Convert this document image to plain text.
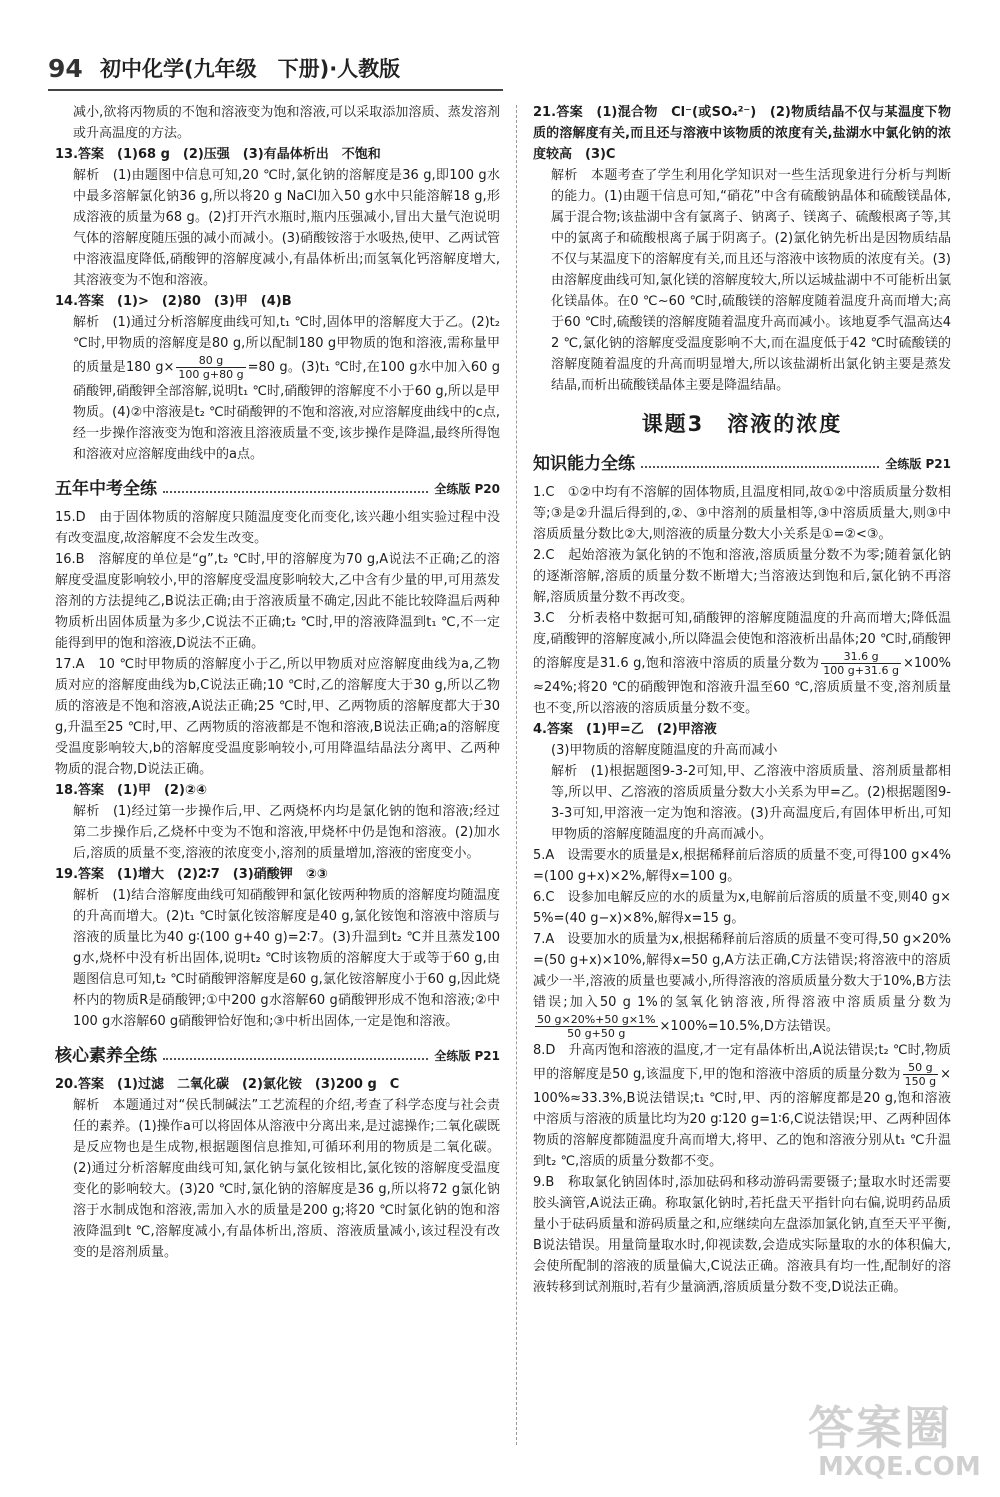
94 初中化学(九年级　下册)·人教版

减小,欲将丙物质的不饱和溶液变为饱和溶液,可以采取添加溶质、蒸发溶剂或升高温度的方法。

13.答案　(1)68 g　(2)压强　(3)有晶体析出　不饱和

解析　(1)由题图中信息可知,20 ℃时,氯化钠的溶解度是36 g,即100 g水中最多溶解氯化钠36 g,所以将20 g NaCl加入50 g水中只能溶解18 g,形成溶液的质量为68 g。(2)打开汽水瓶时,瓶内压强减小,冒出大量气泡说明气体的溶解度随压强的减小而减小。(3)硝酸铵溶于水吸热,使甲、乙两试管中溶液温度降低,硝酸钾的溶解度减小,有晶体析出;而氢氧化钙溶解度增大,其溶液变为不饱和溶液。

14.答案　(1)>　(2)80　(3)甲　(4)B

解析　(1)通过分析溶解度曲线可知,t₁ ℃时,固体甲的溶解度大于乙。(2)t₂ ℃时,甲物质的溶解度是80 g,所以配制180 g甲物质的饱和溶液,需称量甲的质量是180 $g\times \frac{80 g}{100 g+80 g} =80$ g。(3)t₁ ℃时,在100 g水中加入60 g硝酸钾,硝酸钾全部溶解,说明t₁ ℃时,硝酸钾的溶解度不小于60 g,所以是甲物质。(4)②中溶液是t₂ ℃时硝酸钾的不饱和溶液,对应溶解度曲线中的c点,经一步操作溶液变为饱和溶液且溶液质量不变,该步操作是降温,最终所得饱和溶液对应溶解度曲线中的a点。

五年中考全练	全练版 P20

15.D　由于固体物质的溶解度只随温度变化而变化,该兴趣小组实验过程中没有改变温度,故溶解度不会发生改变。

16.B　溶解度的单位是“g”,t₂ ℃时,甲的溶解度为70 g,A说法不正确;乙的溶解度受温度影响较小,甲的溶解度受温度影响较大,乙中含有少量的甲,可用蒸发溶剂的方法提纯乙,B说法正确;由于溶液质量不确定,因此不能比较降温后两种物质析出固体质量为多少,C说法不正确;t₂ ℃时,甲的溶液降温到t₁ ℃,不一定能得到甲的饱和溶液,D说法不正确。

17.A　10 ℃时甲物质的溶解度小于乙,所以甲物质对应溶解度曲线为a,乙物质对应的溶解度曲线为b,C说法正确;10 ℃时,乙的溶解度大于30 g,所以乙物质的溶液是不饱和溶液,A说法正确;25 ℃时,甲、乙两物质的溶解度都大于30 g,升温至25 ℃时,甲、乙两物质的溶液都是不饱和溶液,B说法正确;a的溶解度受温度影响较大,b的溶解度受温度影响较小,可用降温结晶法分离甲、乙两种物质的混合物,D说法正确。

18.答案　(1)甲　(2)②④

解析　(1)经过第一步操作后,甲、乙两烧杯内均是氯化钠的饱和溶液;经过第二步操作后,乙烧杯中变为不饱和溶液,甲烧杯中仍是饱和溶液。(2)加水后,溶质的质量不变,溶液的浓度变小,溶剂的质量增加,溶液的密度变小。

19.答案　(1)增大　(2)2∶7　(3)硝酸钾　②③

解析　(1)结合溶解度曲线可知硝酸钾和氯化铵两种物质的溶解度均随温度的升高而增大。(2)t₁ ℃时氯化铵溶解度是40 g,氯化铵饱和溶液中溶质与溶液的质量比为40 g∶(100 g+40 g)=2∶7。(3)升温到t₂ ℃并且蒸发100 g水,烧杯中没有析出固体,说明t₂ ℃时该物质的溶解度大于或等于60 g,由题图信息可知,t₂ ℃时硝酸钾溶解度是60 g,氯化铵溶解度小于60 g,因此烧杯内的物质R是硝酸钾;①中200 g水溶解60 g硝酸钾形成不饱和溶液;②中100 g水溶解60 g硝酸钾恰好饱和;③中析出固体,一定是饱和溶液。

核心素养全练	全练版 P21

20.答案　(1)过滤　二氧化碳　(2)氯化铵　(3)200 g　C

解析　本题通过对“侯氏制碱法”工艺流程的介绍,考查了科学态度与社会责任的素养。(1)操作a可以将固体从溶液中分离出来,是过滤操作;二氧化碳既是反应物也是生成物,根据题图信息推知,可循环利用的物质是二氧化碳。(2)通过分析溶解度曲线可知,氯化钠与氯化铵相比,氯化铵的溶解度受温度变化的影响较大。(3)20 ℃时,氯化钠的溶解度是36 g,所以将72 g氯化钠溶于水制成饱和溶液,需加入水的质量是200 g;将20 ℃时氯化钠的饱和溶液降温到t ℃,溶解度减小,有晶体析出,溶质、溶液质量减小,该过程没有改变的是溶剂质量。

21.答案　(1)混合物　Cl⁻(或SO₄²⁻)　(2)物质结晶不仅与某温度下物质的溶解度有关,而且还与溶液中该物质的浓度有关,盐湖水中氯化钠的浓度较高　(3)C

解析　本题考查了学生利用化学知识对一些生活现象进行分析与判断的能力。(1)由题干信息可知,“硝花”中含有硫酸钠晶体和硫酸镁晶体,属于混合物;该盐湖中含有氯离子、钠离子、镁离子、硫酸根离子等,其中的氯离子和硫酸根离子属于阴离子。(2)氯化钠先析出是因物质结晶不仅与某温度下的溶解度有关,而且还与溶液中该物质的浓度有关。(3)由溶解度曲线可知,氯化镁的溶解度较大,所以运城盐湖中不可能析出氯化镁晶体。在0 ℃~60 ℃时,硫酸镁的溶解度随着温度升高而增大;高于60 ℃时,硫酸镁的溶解度随着温度升高而减小。该地夏季气温高达42 ℃,氯化钠的溶解度受温度影响不大,而在温度低于42 ℃时硫酸镁的溶解度随着温度的升高而明显增大,所以该盐湖析出氯化钠主要是蒸发结晶,而析出硫酸镁晶体主要是降温结晶。

课题3　溶液的浓度
知识能力全练	全练版 P21

1.C　①②中均有不溶解的固体物质,且温度相同,故①②中溶质质量分数相等;③是②升温后得到的,②、③中溶剂的质量相等,③中溶质质量大,则③中溶质质量分数比②大,则溶液的质量分数大小关系是①=②<③。

2.C　起始溶液为氯化钠的不饱和溶液,溶质质量分数不为零;随着氯化钠的逐渐溶解,溶质的质量分数不断增大;当溶液达到饱和后,氯化钠不再溶解,溶质质量分数不再改变。

3.C　分析表格中数据可知,硝酸钾的溶解度随温度的升高而增大;降低温度,硝酸钾的溶解度减小,所以降温会使饱和溶液析出晶体;20 ℃时,硝酸钾的溶解度是31.6 g,饱和溶液中溶质的质量分数为 $\frac{31.6 g}{100 g+31.6 g} \times 100\%\approx 24\%$;将20 ℃的硝酸钾饱和溶液升温至60 ℃,溶质质量不变,溶剂质量也不变,所以溶液的溶质质量分数不变。

4.答案　(1)甲=乙　(2)甲溶液

(3)甲物质的溶解度随温度的升高而减小

解析　(1)根据题图9-3-2可知,甲、乙溶液中溶质质量、溶剂质量都相等,所以甲、乙溶液的溶质质量分数大小关系为甲=乙。(2)根据题图9-3-3可知,甲溶液一定为饱和溶液。(3)升高温度后,有固体甲析出,可知甲物质的溶解度随温度的升高而减小。

5.A　设需要水的质量是x,根据稀释前后溶质的质量不变,可得100 g×4%=(100 g+x)×2%,解得x=100 g。

6.C　设参加电解反应的水的质量为x,电解前后溶质的质量不变,则40 g×5%=(40 g−x)×8%,解得x=15 g。

7.A　设要加水的质量为x,根据稀释前后溶质的质量不变可得,50 g×20%=(50 g+x)×10%,解得x=50 g,A方法正确,C方法错误;将溶液中的溶质减少一半,溶液的质量也要减小,所得溶液的溶质质量分数大于10%,B方法错误;加入50 g 1%的氢氧化钠溶液,所得溶液中溶质质量分数为
$\frac{50 g\times 20\%+50 g\times 1\%}{50 g+50 g} \times 100\%=10.5\%,D$方法错误。

8.D　升高丙饱和溶液的温度,才一定有晶体析出,A说法错误;t₂ ℃时,物质甲的溶解度是50 g,该温度下,甲的饱和溶液中溶质的质量分数为 $\frac{50 g}{150 g} \times 100\%\approx 33.3\%,B$说法错误;t₁ ℃时,甲、丙的溶解度都是20 g,饱和溶液中溶质与溶液的质量比均为20 g∶120 g=1∶6,C说法错误;甲、乙两种固体物质的溶解度都随温度升高而增大,将甲、乙的饱和溶液分别从t₁ ℃升温到t₂ ℃,溶质的质量分数都不变。

9.B　称取氯化钠固体时,添加砝码和移动游码需要镊子;量取水时还需要胶头滴管,A说法正确。称取氯化钠时,若托盘天平指针向右偏,说明药品质量小于砝码质量和游码质量之和,应继续向左盘添加氯化钠,直至天平平衡,B说法错误。用量筒量取水时,仰视读数,会造成实际量取的水的体积偏大,会使所配制的溶液的质量偏大,C说法正确。溶液具有均一性,配制好的溶液转移到试剂瓶时,若有少量滴洒,溶质质量分数不变,D说法正确。

答案圈
MXQE.COM
